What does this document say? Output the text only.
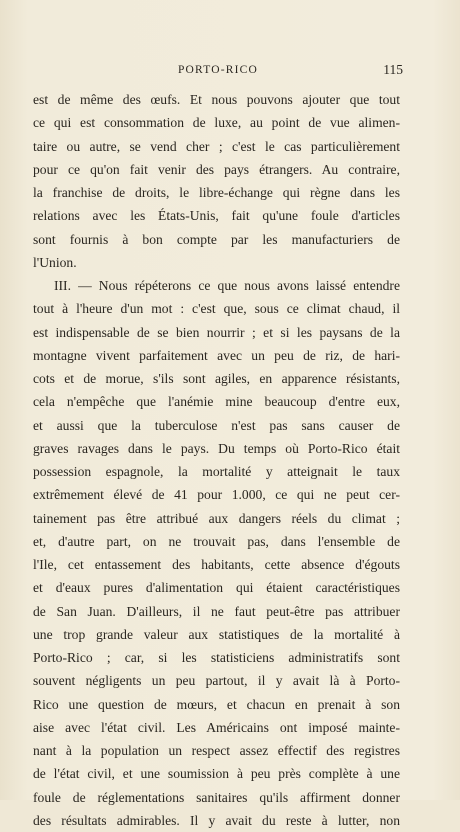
PORTO-RICO	115
est de même des œufs. Et nous pouvons ajouter que tout
ce qui est consommation de luxe, au point de vue alimen-
taire ou autre, se vend cher ; c'est le cas particulièrement
pour ce qu'on fait venir des pays étrangers. Au contraire,
la franchise de droits, le libre-échange qui règne dans les
relations avec les États-Unis, fait qu'une foule d'articles
sont fournis à bon compte par les manufacturiers de
l'Union.
III. — Nous répéterons ce que nous avons laissé entendre
tout à l'heure d'un mot : c'est que, sous ce climat chaud, il
est indispensable de se bien nourrir ; et si les paysans de la
montagne vivent parfaitement avec un peu de riz, de hari-
cots et de morue, s'ils sont agiles, en apparence résistants,
cela n'empêche que l'anémie mine beaucoup d'entre eux,
et aussi que la tuberculose n'est pas sans causer de
graves ravages dans le pays. Du temps où Porto-Rico était
possession espagnole, la mortalité y atteignait le taux
extrêmement élevé de 41 pour 1.000, ce qui ne peut cer-
tainement pas être attribué aux dangers réels du climat ;
et, d'autre part, on ne trouvait pas, dans l'ensemble de
l'Ile, cet entassement des habitants, cette absence d'égouts
et d'eaux pures d'alimentation qui étaient caractéristiques
de San Juan. D'ailleurs, il ne faut peut-être pas attribuer
une trop grande valeur aux statistiques de la mortalité à
Porto-Rico ; car, si les statisticiens administratifs sont
souvent négligents un peu partout, il y avait là à Porto-
Rico une question de mœurs, et chacun en prenait à son
aise avec l'état civil. Les Américains ont imposé mainte-
nant à la population un respect assez effectif des registres
de l'état civil, et une soumission à peu près complète à une
foule de réglementations sanitaires qu'ils affirment donner
des résultats admirables. Il y avait du reste à lutter, non
